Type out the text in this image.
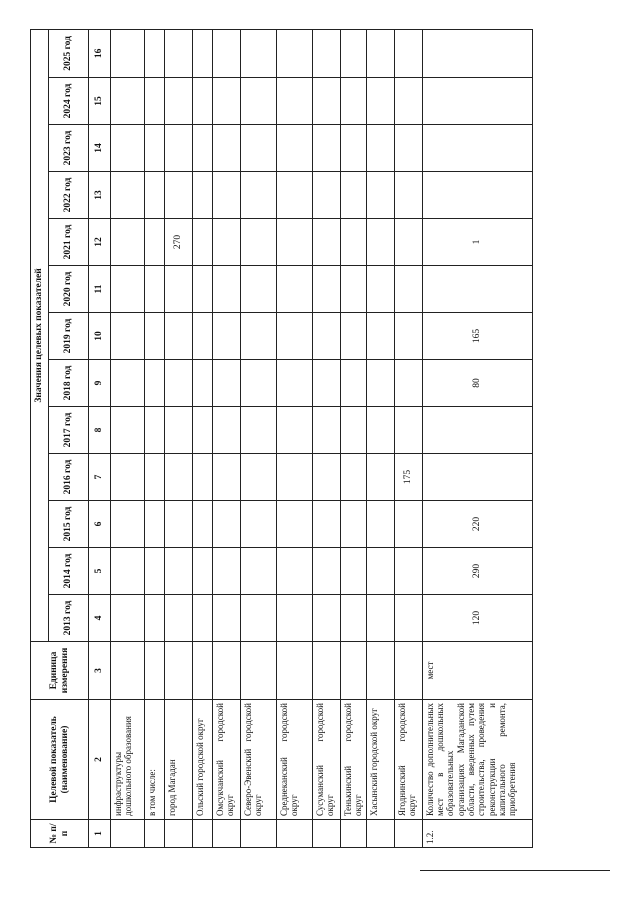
№ п/п	Целевой показатель (наименование)	Единица измерения	Значения целевых показателей												
			2013 год	2014 год	2015 год	2016 год	2017 год	2018 год	2019 год	2020 год	2021 год	2022 год	2023 год	2024 год	2025 год
1	2	3	4	5	6	7	8	9	10	11	12	13	14	15	16
	инфраструктуры дошкольного образования														
	в том числе:														
	город Магадан										270				
	Ольский городской округ														
	Омсукчанский городской округ														
	Северо-Эвенский городской округ														
	Среднеканский городской округ														
	Сусуманский городской округ														
	Тенькинский городской округ														
	Хасынский городской округ														
	Ягоднинский городской округ					175									
1.2.	Количество дополнительных мест в дошкольных образовательных организациях Магаданской области, введенных путем строительства, проведения реконструкции и капитального ремонта, приобретения	мест	120	290	220			80	165		1				
